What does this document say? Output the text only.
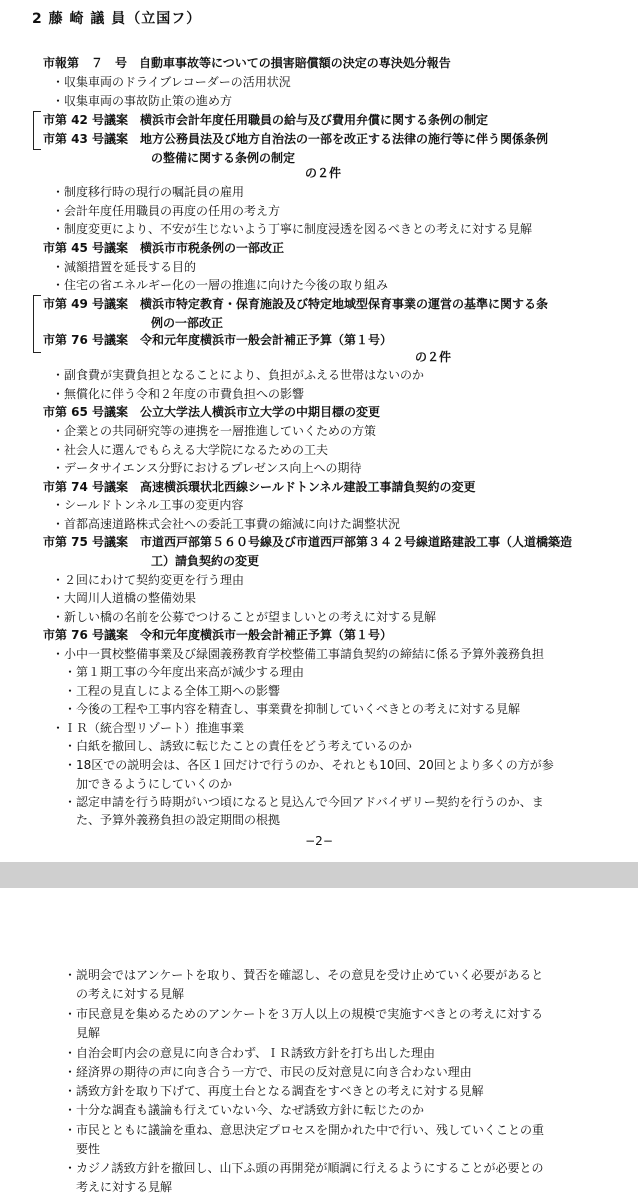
2 藤 崎 議 員（立国フ）
市報第　７　号　自動車事故等についての損害賠償額の決定の専決処分報告
・収集車両のドライブレコーダーの活用状況
・収集車両の事故防止策の進め方
市第 42 号議案　横浜市会計年度任用職員の給与及び費用弁償に関する条例の制定
市第 43 号議案　地方公務員法及び地方自治法の一部を改正する法律の施行等に伴う関係条例
の整備に関する条例の制定
の２件
・制度移行時の現行の嘱託員の雇用
・会計年度任用職員の再度の任用の考え方
・制度変更により、不安が生じないよう丁寧に制度浸透を図るべきとの考えに対する見解
市第 45 号議案　横浜市市税条例の一部改正
・減額措置を延長する目的
・住宅の省エネルギー化の一層の推進に向けた今後の取り組み
市第 49 号議案　横浜市特定教育・保育施設及び特定地域型保育事業の運営の基準に関する条
例の一部改正
市第 76 号議案　令和元年度横浜市一般会計補正予算（第１号）
の２件
・副食費が実費負担となることにより、負担がふえる世帯はないのか
・無償化に伴う令和２年度の市費負担への影響
市第 65 号議案　公立大学法人横浜市立大学の中期目標の変更
・企業との共同研究等の連携を一層推進していくための方策
・社会人に選んでもらえる大学院になるための工夫
・データサイエンス分野におけるプレゼンス向上への期待
市第 74 号議案　高速横浜環状北西線シールドトンネル建設工事請負契約の変更
・シールドトンネル工事の変更内容
・首都高速道路株式会社への委託工事費の縮減に向けた調整状況
市第 75 号議案　市道西戸部第５６０号線及び市道西戸部第３４２号線道路建設工事（人道橋築造
工）請負契約の変更
・２回にわけて契約変更を行う理由
・大岡川人道橋の整備効果
・新しい橋の名前を公募でつけることが望ましいとの考えに対する見解
市第 76 号議案　令和元年度横浜市一般会計補正予算（第１号）
・小中一貫校整備事業及び緑園義務教育学校整備工事請負契約の締結に係る予算外義務負担
・第１期工事の今年度出来高が減少する理由
・工程の見直しによる全体工期への影響
・今後の工程や工事内容を精査し、事業費を抑制していくべきとの考えに対する見解
・ＩＲ（統合型リゾート）推進事業
・白紙を撤回し、誘致に転じたことの責任をどう考えているのか
・18区での説明会は、各区１回だけで行うのか、それとも10回、20回とより多くの方が参
加できるようにしていくのか
・認定申請を行う時期がいつ頃になると見込んで今回アドバイザリー契約を行うのか、ま
た、予算外義務負担の設定期間の根拠
−2−
・説明会ではアンケートを取り、賛否を確認し、その意見を受け止めていく必要があると
の考えに対する見解
・市民意見を集めるためのアンケートを３万人以上の規模で実施すべきとの考えに対する
見解
・自治会町内会の意見に向き合わず、ＩＲ誘致方針を打ち出した理由
・経済界の期待の声に向き合う一方で、市民の反対意見に向き合わない理由
・誘致方針を取り下げて、再度土台となる調査をすべきとの考えに対する見解
・十分な調査も議論も行えていない今、なぜ誘致方針に転じたのか
・市民とともに議論を重ね、意思決定プロセスを開かれた中で行い、残していくことの重
要性
・カジノ誘致方針を撤回し、山下ふ頭の再開発が順調に行えるようにすることが必要との
考えに対する見解
